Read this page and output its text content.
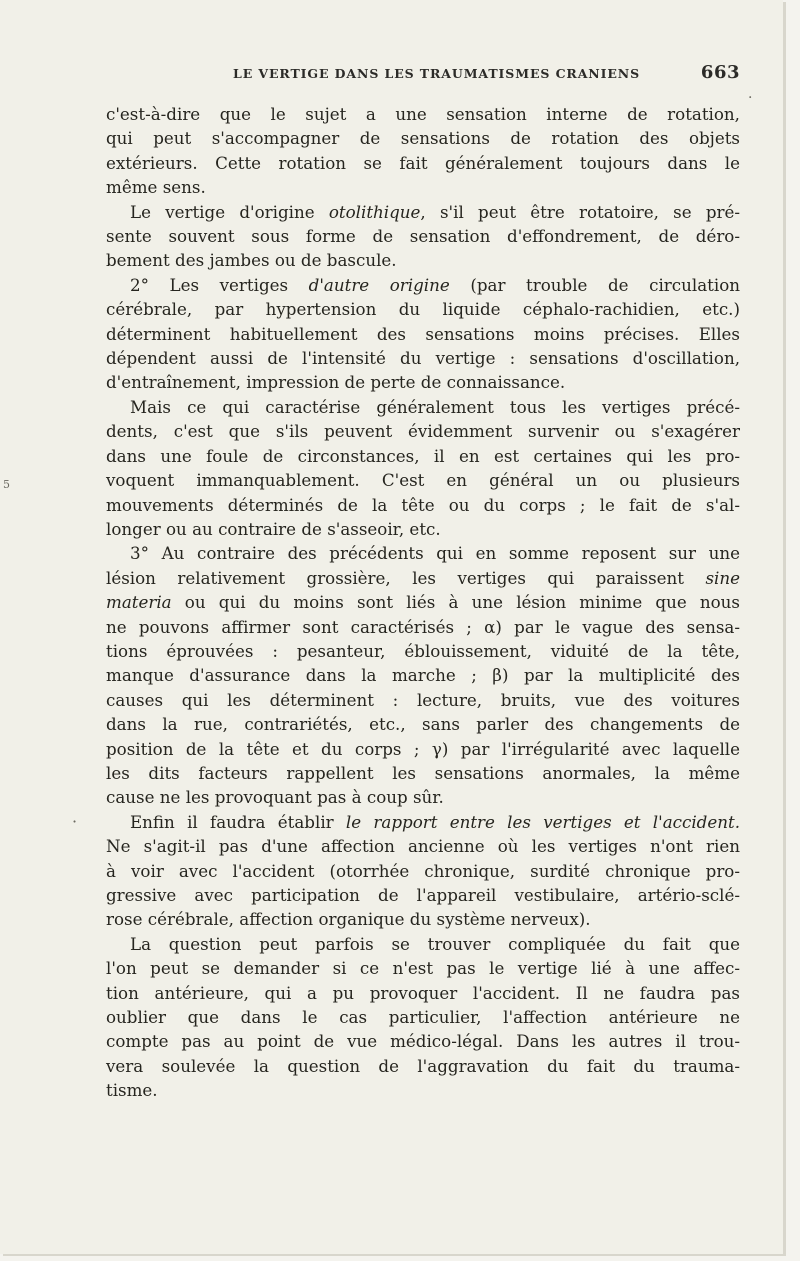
LE VERTIGE DANS LES TRAUMATISMES CRANIENS	663
·
5
·

c'est-à-dire que le sujet a une sensation interne de rotation,

qui peut s'accompagner de sensations de rotation des objets

extérieurs. Cette rotation se fait généralement toujours dans le

même sens.

Le vertige d'origine otolithique, s'il peut être rotatoire, se pré-

sente souvent sous forme de sensation d'effondrement, de déro-

bement des jambes ou de bascule.

2° Les vertiges d'autre origine (par trouble de circulation

cérébrale, par hypertension du liquide céphalo-rachidien, etc.)

déterminent habituellement des sensations moins précises. Elles

dépendent aussi de l'intensité du vertige : sensations d'oscillation,

d'entraînement, impression de perte de connaissance.

Mais ce qui caractérise généralement tous les vertiges précé-

dents, c'est que s'ils peuvent évidemment survenir ou s'exagérer

dans une foule de circonstances, il en est certaines qui les pro-

voquent immanquablement. C'est en général un ou plusieurs

mouvements déterminés de la tête ou du corps ; le fait de s'al-

longer ou au contraire de s'asseoir, etc.

3° Au contraire des précédents qui en somme reposent sur une

lésion relativement grossière, les vertiges qui paraissent sine

materia ou qui du moins sont liés à une lésion minime que nous

ne pouvons affirmer sont caractérisés ; α) par le vague des sensa-

tions éprouvées : pesanteur, éblouissement, viduité de la tête,

manque d'assurance dans la marche ; β) par la multiplicité des

causes qui les déterminent : lecture, bruits, vue des voitures

dans la rue, contrariétés, etc., sans parler des changements de

position de la tête et du corps ; γ) par l'irrégularité avec laquelle

les dits facteurs rappellent les sensations anormales, la même

cause ne les provoquant pas à coup sûr.

Enfin il faudra établir le rapport entre les vertiges et l'accident.

Ne s'agit-il pas d'une affection ancienne où les vertiges n'ont rien

à voir avec l'accident (otorrhée chronique, surdité chronique pro-

gressive avec participation de l'appareil vestibulaire, artério-sclé-

rose cérébrale, affection organique du système nerveux).

La question peut parfois se trouver compliquée du fait que

l'on peut se demander si ce n'est pas le vertige lié à une affec-

tion antérieure, qui a pu provoquer l'accident. Il ne faudra pas

oublier que dans le cas particulier, l'affection antérieure ne

compte pas au point de vue médico-légal. Dans les autres il trou-

vera soulevée la question de l'aggravation du fait du trauma-

tisme.
